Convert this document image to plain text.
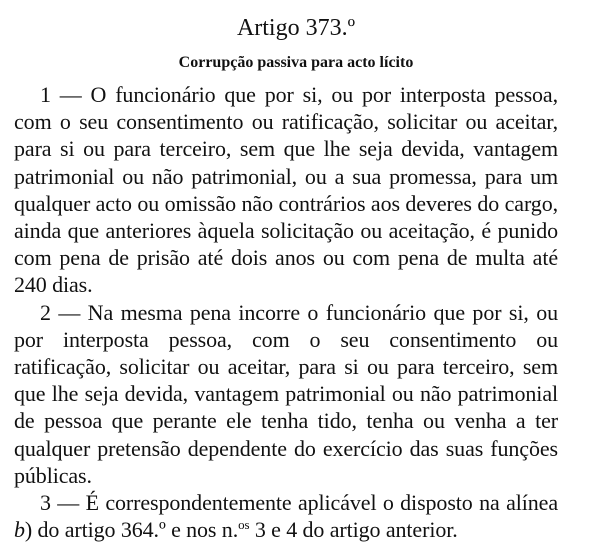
Artigo 373.º
Corrupção passiva para acto lícito

1 — O funcionário que por si, ou por interposta pessoa, com o seu consentimento ou ratificação, solicitar ou aceitar, para si ou para terceiro, sem que lhe seja devida, vantagem patrimonial ou não patrimonial, ou a sua promessa, para um qualquer acto ou omissão não contrários aos deveres do cargo, ainda que anteriores àquela solicitação ou aceitação, é punido com pena de prisão até dois anos ou com pena de multa até 240 dias.

2 — Na mesma pena incorre o funcionário que por si, ou por interposta pessoa, com o seu consentimento ou ratificação, solicitar ou aceitar, para si ou para terceiro, sem que lhe seja devida, vantagem patrimonial ou não patrimonial de pessoa que perante ele tenha tido, tenha ou venha a ter qualquer pretensão dependente do exercício das suas funções públicas.

3 — É correspondentemente aplicável o disposto na alínea b) do artigo 364.º e nos n.$^{os}$ 3 e 4 do artigo anterior.
